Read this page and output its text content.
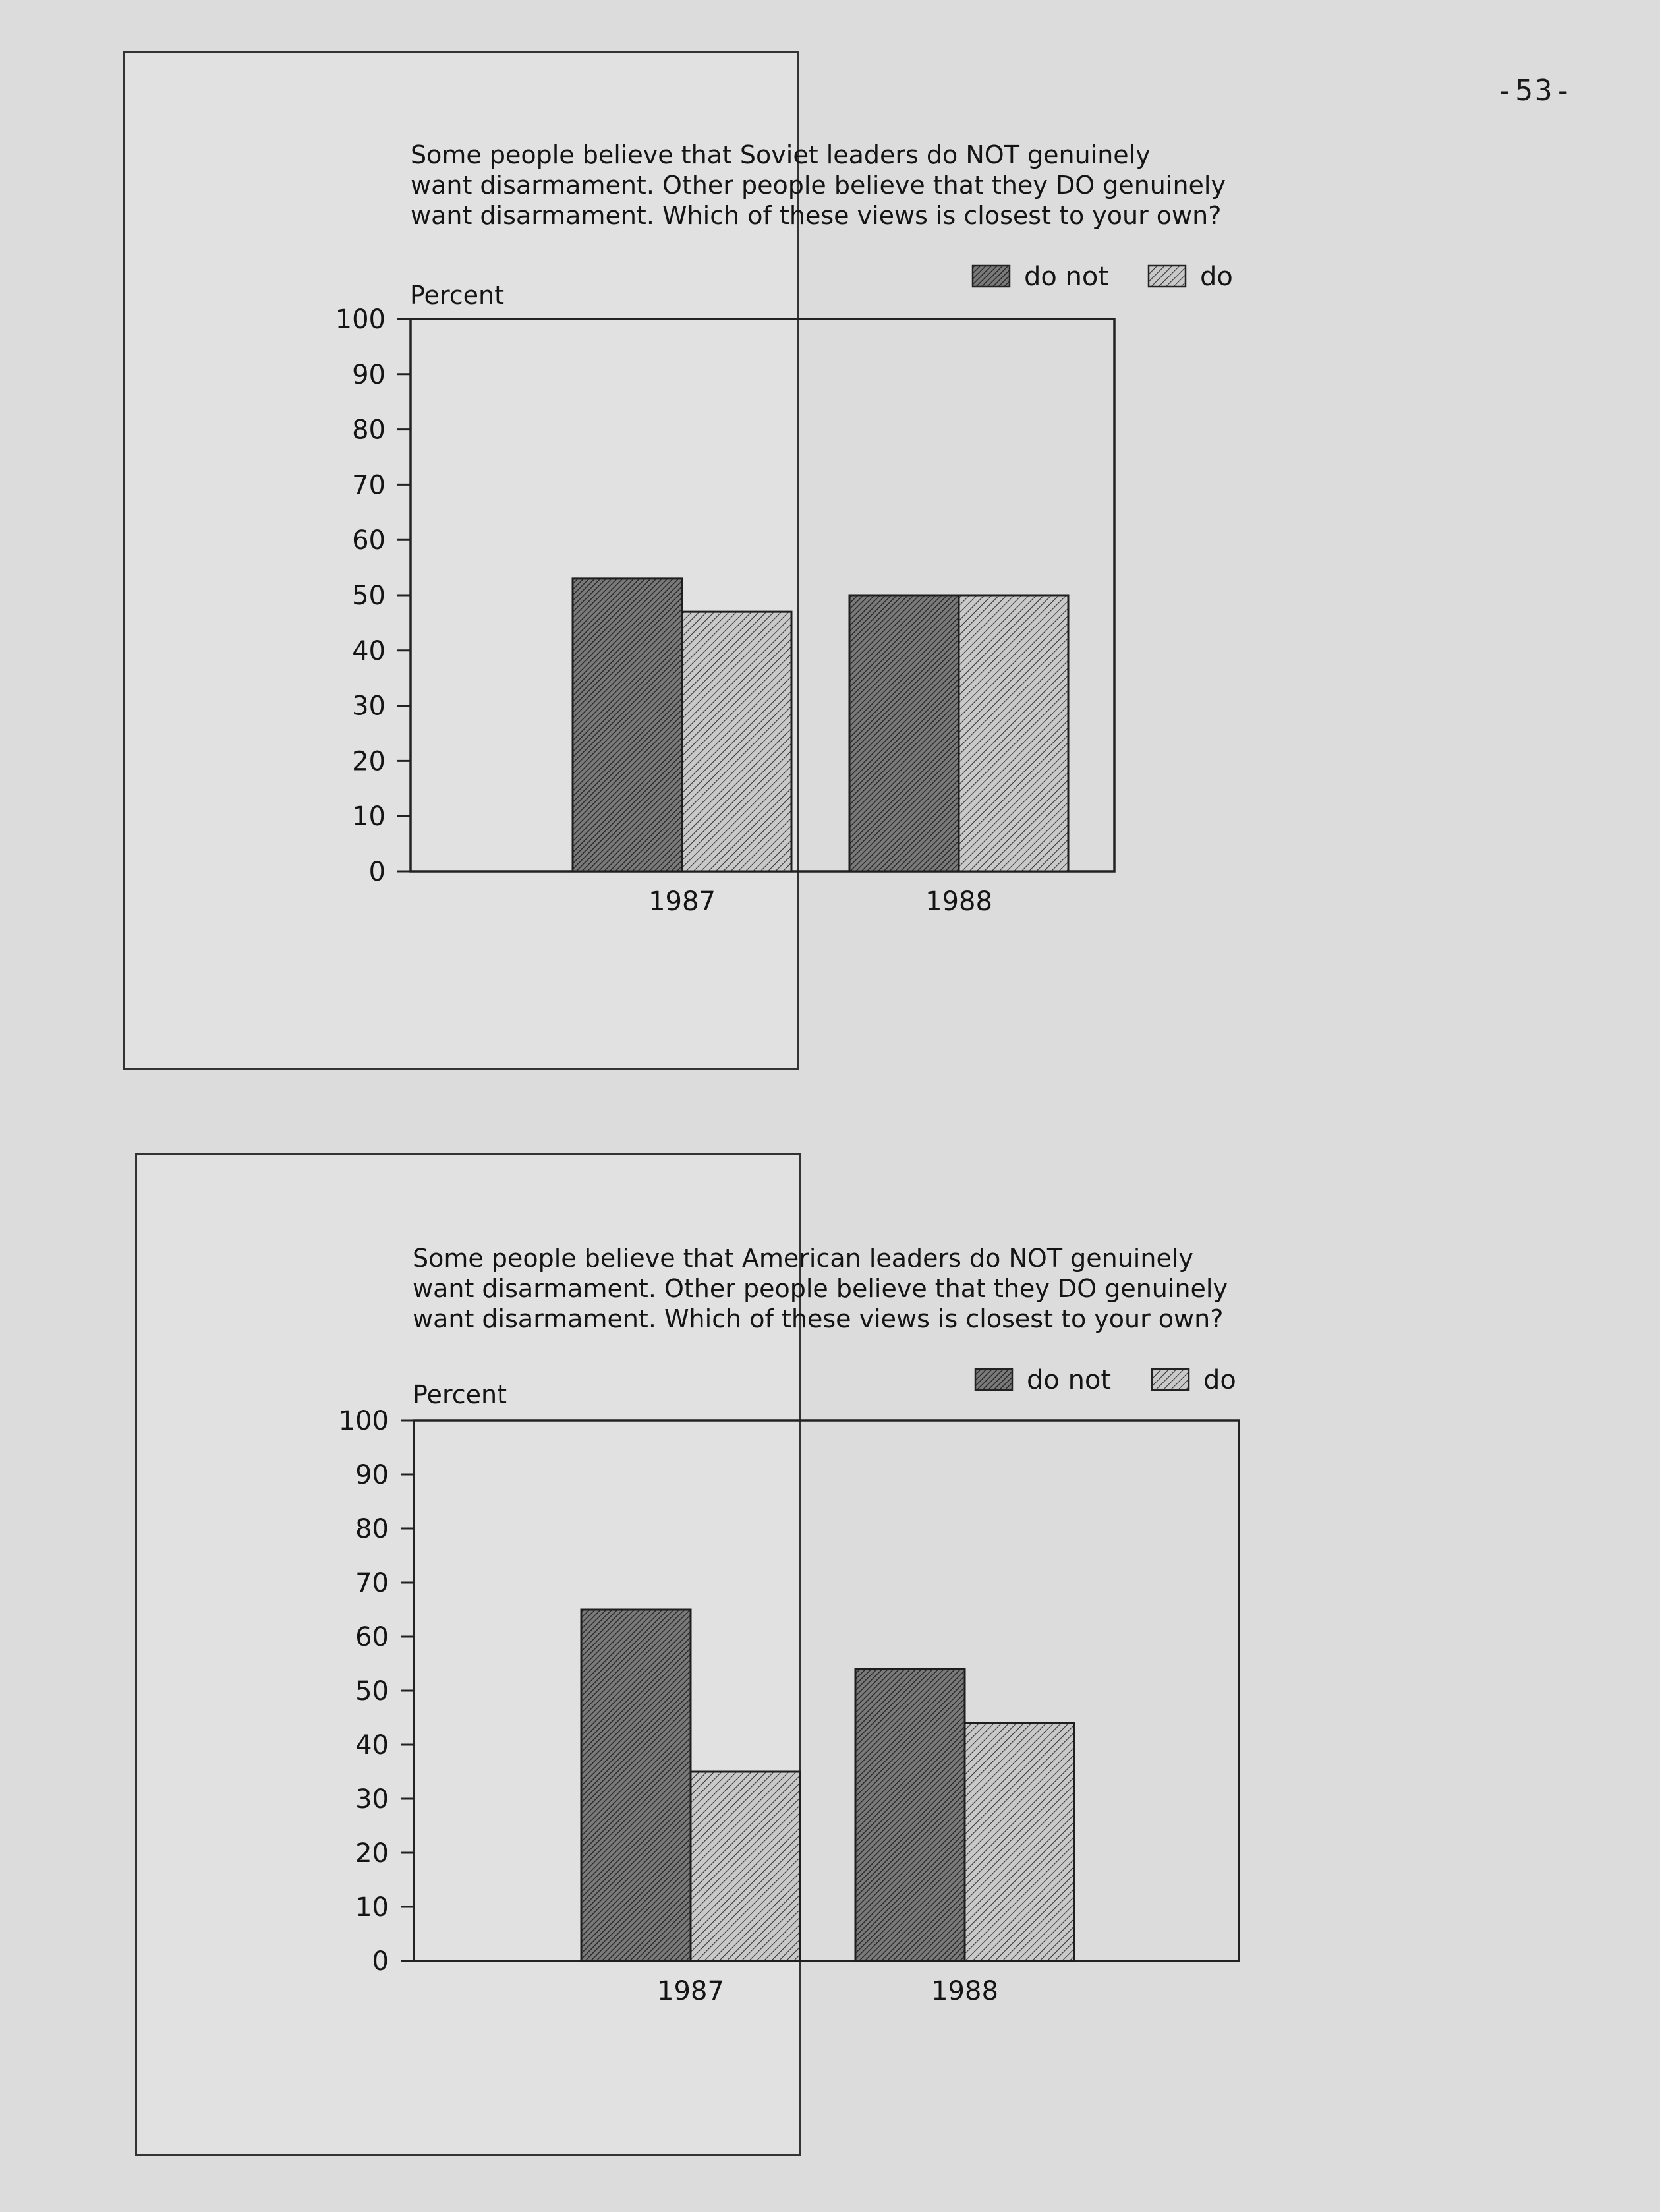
-53-
Some people believe that Soviet leaders do NOT genuinely
want disarmament. Other people believe that they DO genuinely
want disarmament. Which of these views is closest to your own?
Percent
do not	do
0
10
20
30
40
50
60
70
80
90
100
1987	1988
Some people believe that American leaders do NOT genuinely
want disarmament. Other people believe that they DO genuinely
want disarmament. Which of these views is closest to your own?
Percent	do not	do
0
10
20
30
40
50
60
70
80
90
100
1987	1988
